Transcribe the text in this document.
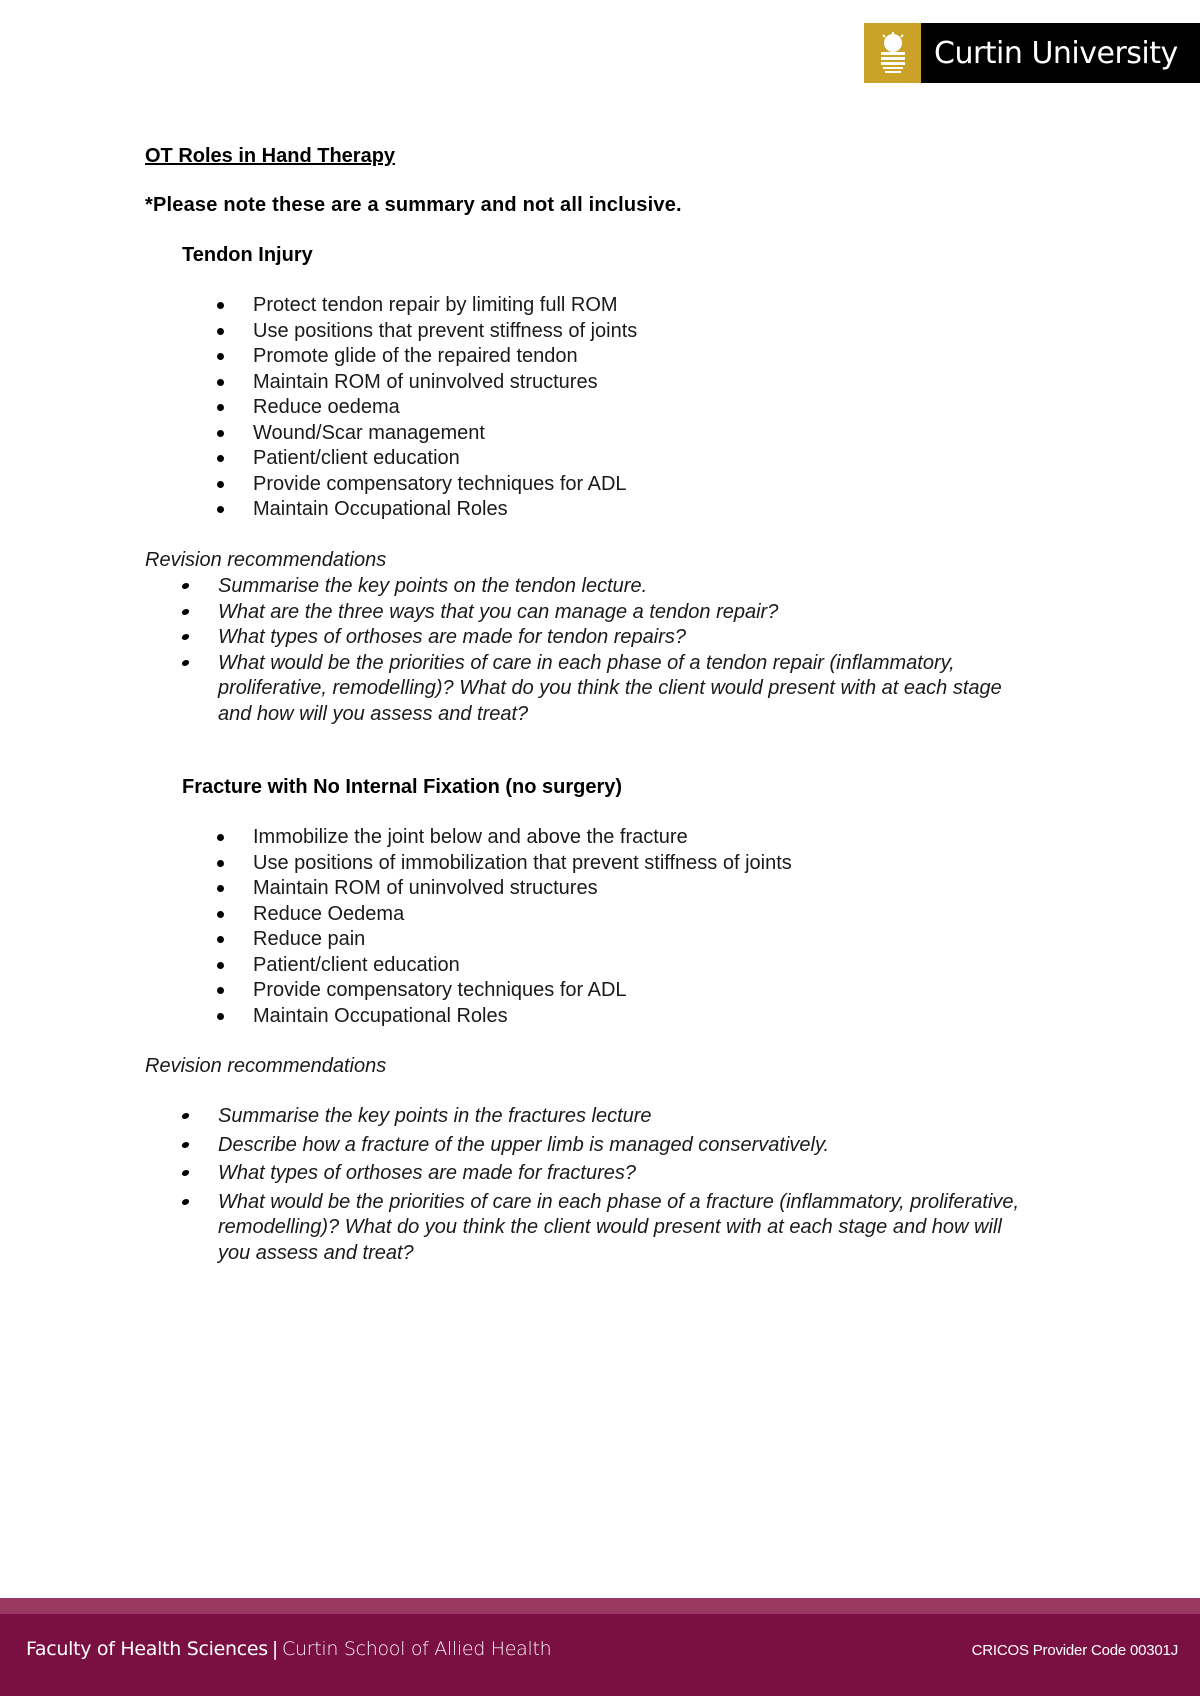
Curtin University
OT Roles in Hand Therapy
*Please note these are a summary and not all inclusive.
Tendon Injury
Protect tendon repair by limiting full ROM
Use positions that prevent stiffness of joints
Promote glide of the repaired tendon
Maintain ROM of uninvolved structures
Reduce oedema
Wound/Scar management
Patient/client education
Provide compensatory techniques for ADL
Maintain Occupational Roles
Revision recommendations
Summarise the key points on the tendon lecture.
What are the three ways that you can manage a tendon repair?
What types of orthoses are made for tendon repairs?
What would be the priorities of care in each phase of a tendon repair (inflammatory, proliferative, remodelling)? What do you think the client would present with at each stage and how will you assess and treat?
Fracture with No Internal Fixation (no surgery)
Immobilize the joint below and above the fracture
Use positions of immobilization that prevent stiffness of joints
Maintain ROM of uninvolved structures
Reduce Oedema
Reduce pain
Patient/client education
Provide compensatory techniques for ADL
Maintain Occupational Roles
Revision recommendations
Summarise the key points in the fractures lecture
Describe how a fracture of the upper limb is managed conservatively.
What types of orthoses are made for fractures?
What would be the priorities of care in each phase of a fracture (inflammatory, proliferative, remodelling)? What do you think the client would present with at each stage and how will you assess and treat?
Faculty of Health Sciences | Curtin School of Allied Health	CRICOS Provider Code 00301J
